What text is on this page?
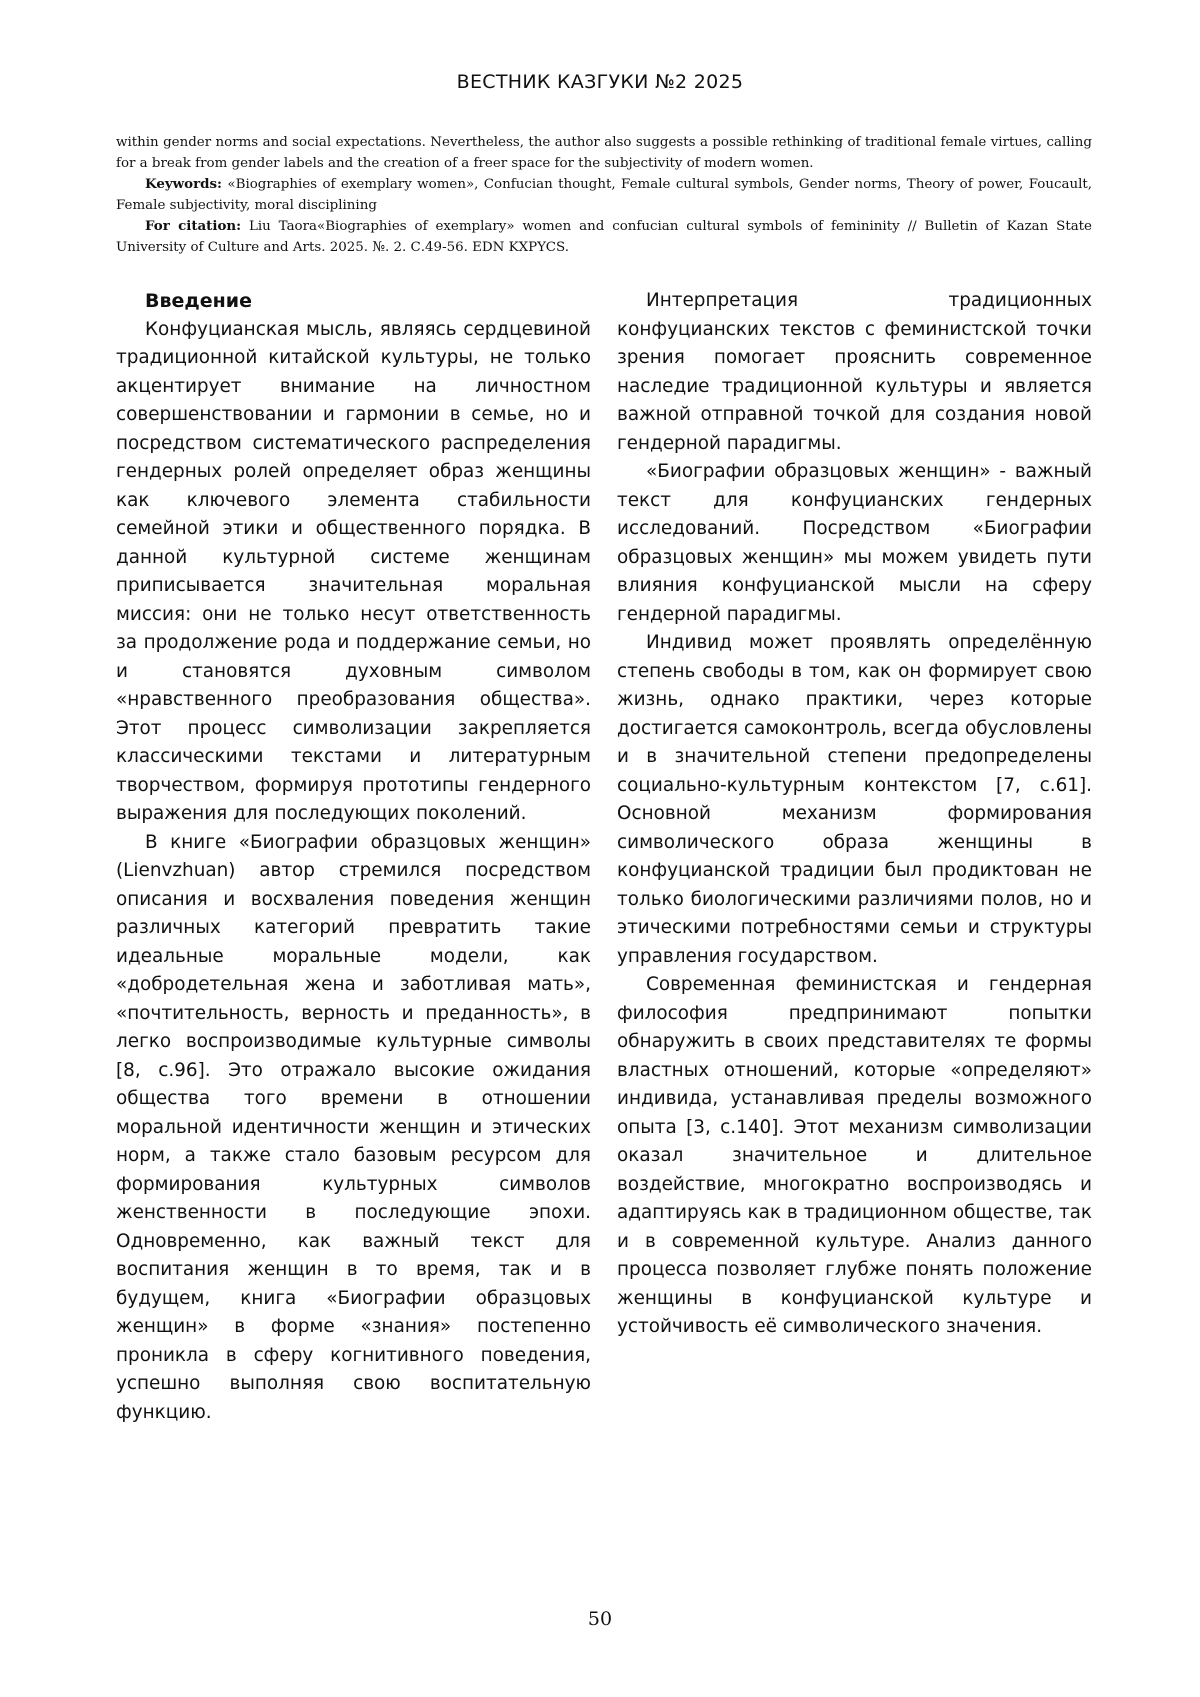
ВЕСТНИК КАЗГУКИ №2 2025

within gender norms and social expectations. Nevertheless, the author also suggests a possible rethinking of traditional female virtues, calling for a break from gender labels and the creation of a freer space for the subjectivity of modern women.

Keywords: «Biographies of exemplary women», Confucian thought, Female cultural symbols, Gender norms, Theory of power, Foucault, Female subjectivity, moral disciplining

For citation: Liu Taora«Biographies of exemplary» women and confucian cultural symbols of femininity // Bulletin of Kazan State University of Culture and Arts. 2025. №. 2. С.49-56. EDN KXPYCS.

Введение

Конфуцианская мысль, являясь сердцевиной традиционной китайской культуры, не только акцентирует внимание на личностном совершенствовании и гармонии в семье, но и посредством систематического распределения гендерных ролей определяет образ женщины как ключевого элемента стабильности семейной этики и общественного порядка. В данной культурной системе женщинам приписывается значительная моральная миссия: они не только несут ответственность за продолжение рода и поддержание семьи, но и становятся духовным символом «нравственного преобразования общества». Этот процесс символизации закрепляется классическими текстами и литературным творчеством, формируя прототипы гендерного выражения для последующих поколений.

В книге «Биографии образцовых женщин» (Lienvzhuan) автор стремился посредством описания и восхваления поведения женщин различных категорий превратить такие идеальные моральные модели, как «добродетельная жена и заботливая мать», «почтительность, верность и преданность», в легко воспроизводимые культурные символы [8, с.96]. Это отражало высокие ожидания общества того времени в отношении моральной идентичности женщин и этических норм, а также стало базовым ресурсом для формирования культурных символов женственности в последующие эпохи. Одновременно, как важный текст для воспитания женщин в то время, так и в будущем, книга «Биографии образцовых женщин» в форме «знания» постепенно проникла в сферу когнитивного поведения, успешно выполняя свою воспитательную функцию.

Интерпретация традиционных конфуцианских текстов с феминистской точки зрения помогает прояснить современное наследие традиционной культуры и является важной отправной точкой для создания новой гендерной парадигмы.

«Биографии образцовых женщин» - важный текст для конфуцианских гендерных исследований. Посредством «Биографии образцовых женщин» мы можем увидеть пути влияния конфуцианской мысли на сферу гендерной парадигмы.

Индивид может проявлять определённую степень свободы в том, как он формирует свою жизнь, однако практики, через которые достигается самоконтроль, всегда обусловлены и в значительной степени предопределены социально-культурным контекстом [7, с.61]. Основной механизм формирования символического образа женщины в конфуцианской традиции был продиктован не только биологическими различиями полов, но и этическими потребностями семьи и структуры управления государством.

Современная феминистская и гендерная философия предпринимают попытки обнаружить в своих представителях те формы властных отношений, которые «определяют» индивида, устанавливая пределы возможного опыта [3, с.140]. Этот механизм символизации оказал значительное и длительное воздействие, многократно воспроизводясь и адаптируясь как в традиционном обществе, так и в современной культуре. Анализ данного процесса позволяет глубже понять положение женщины в конфуцианской культуре и устойчивость её символического значения.

50
